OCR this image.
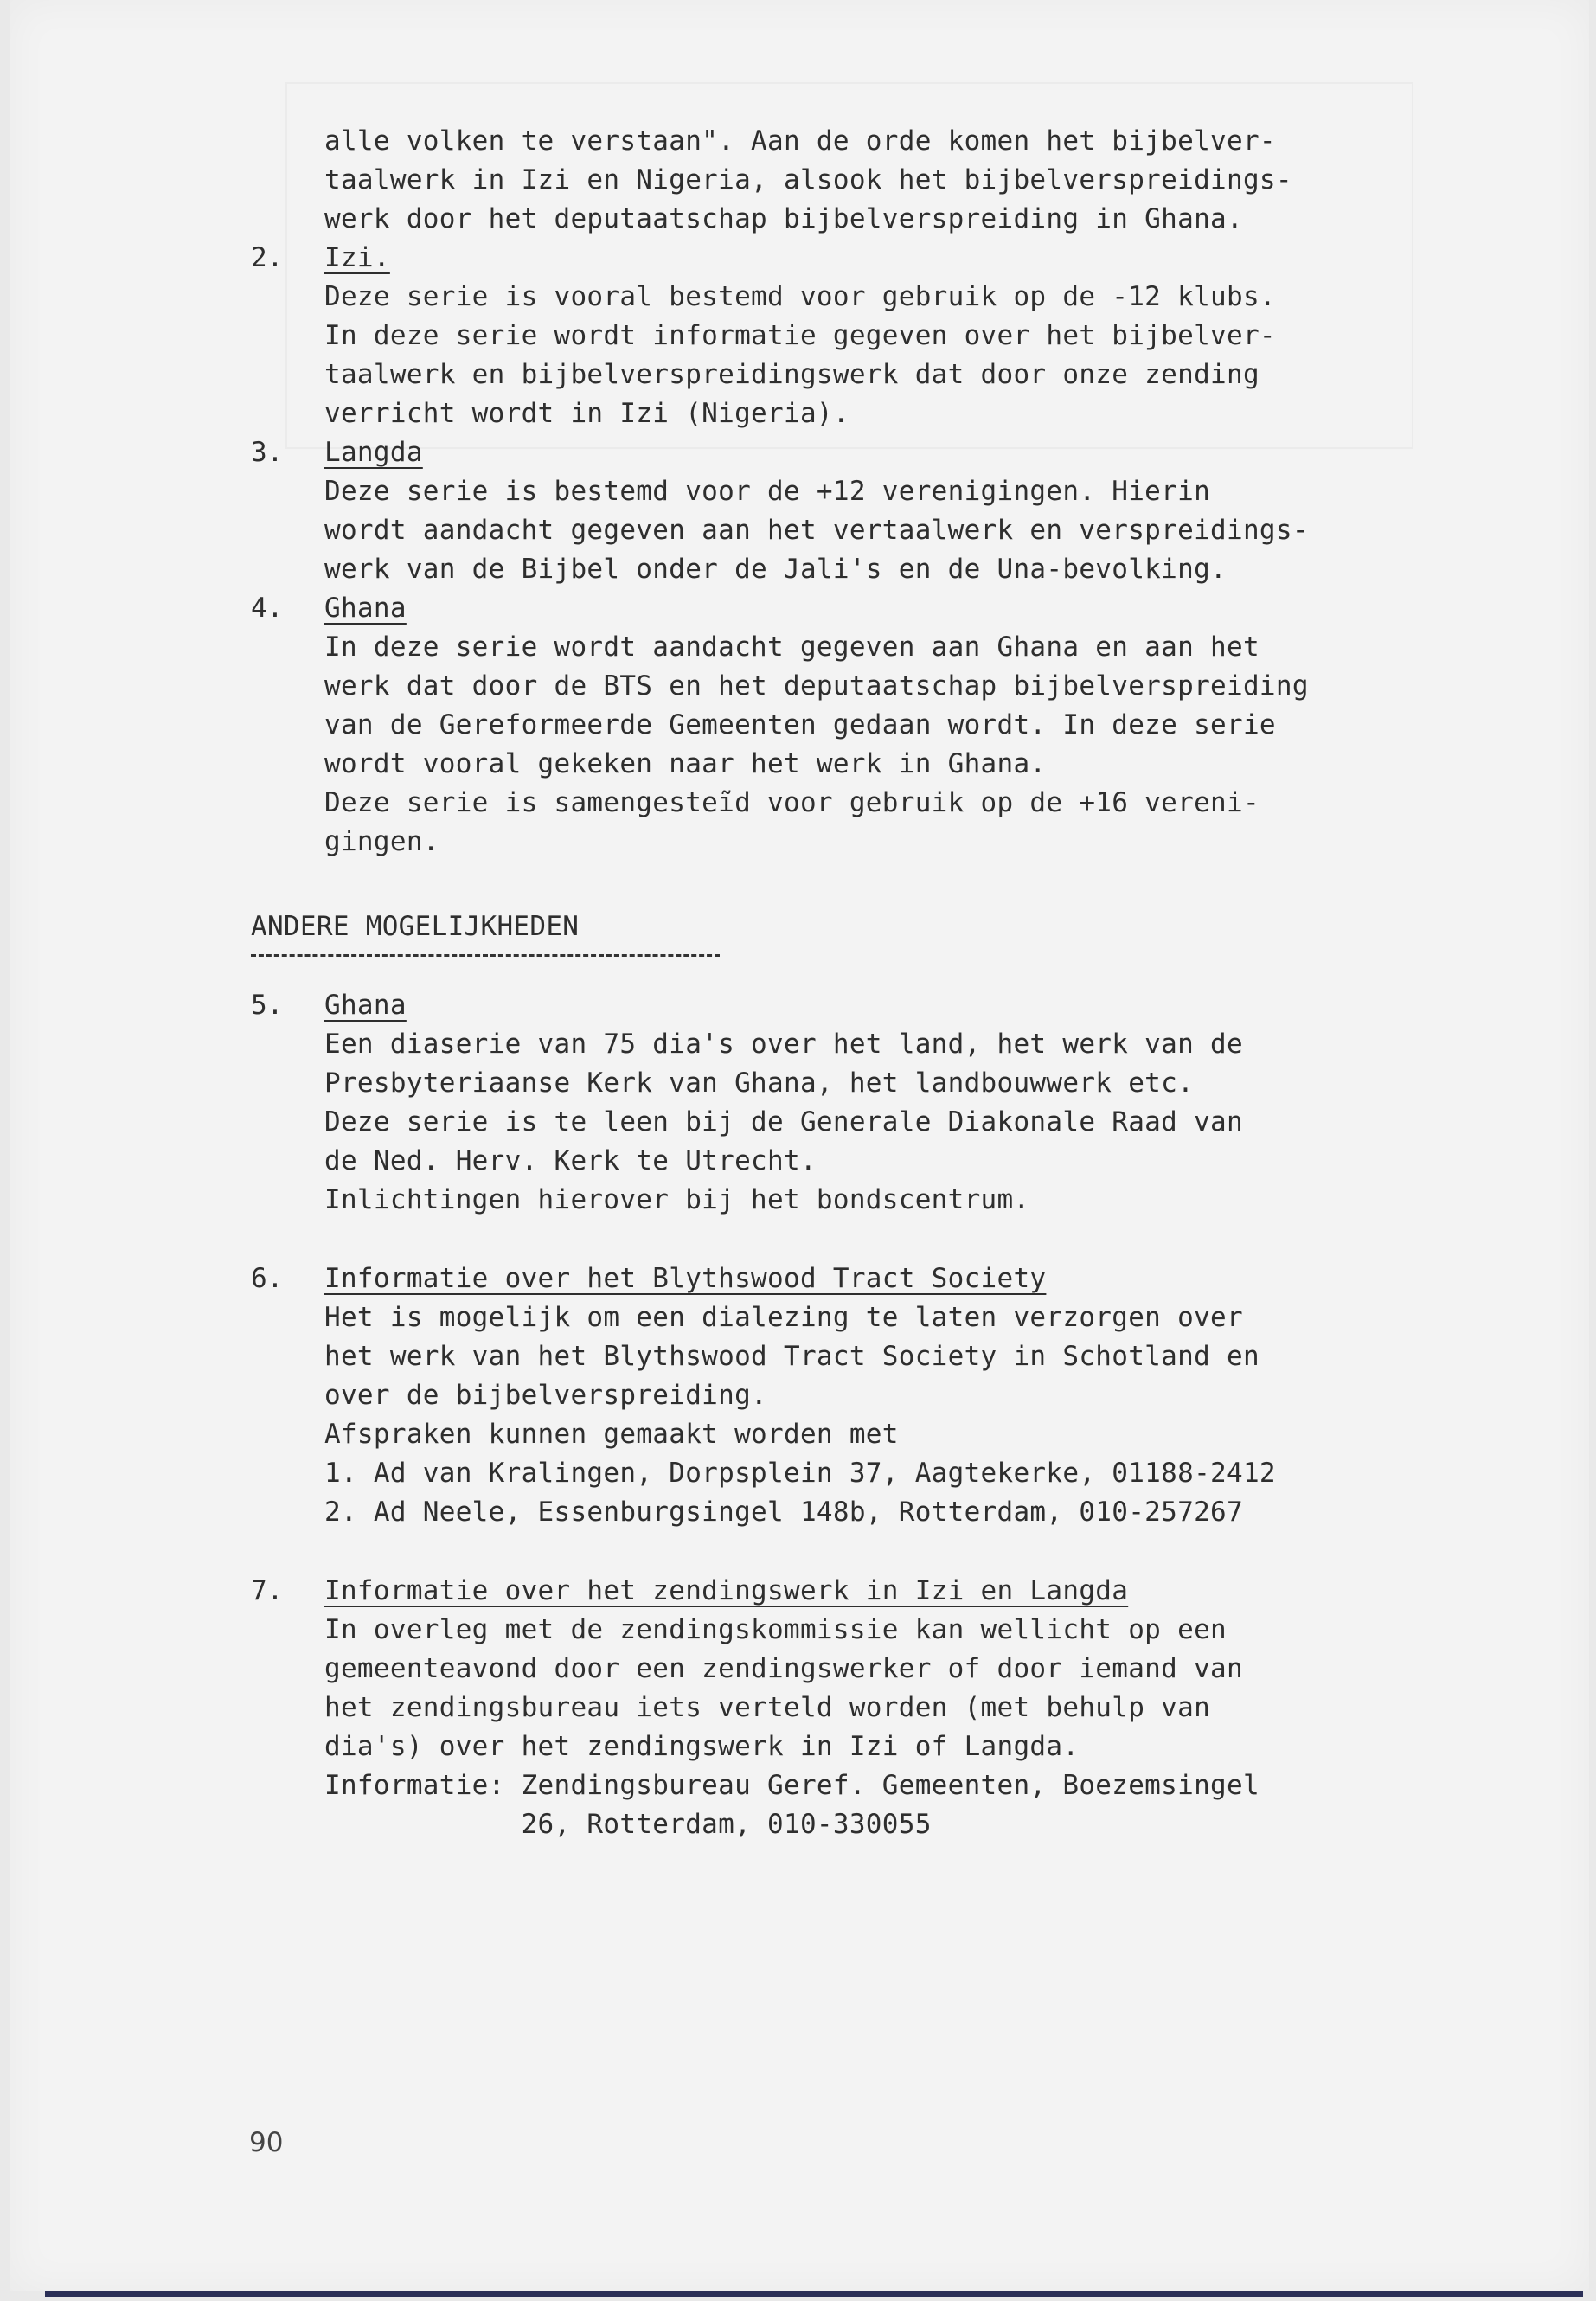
alle volken te verstaan". Aan de orde komen het bijbelver-
taalwerk in Izi en Nigeria, alsook het bijbelverspreidings-
werk door het deputaatschap bijbelverspreiding in Ghana.
2. Izi.
Deze serie is vooral bestemd voor gebruik op de -12 klubs.
In deze serie wordt informatie gegeven over het bijbelver-
taalwerk en bijbelverspreidingswerk dat door onze zending
verricht wordt in Izi (Nigeria).
3. Langda
Deze serie is bestemd voor de +12 verenigingen. Hierin
wordt aandacht gegeven aan het vertaalwerk en verspreidings-
werk van de Bijbel onder de Jali's en de Una-bevolking.
4. Ghana
In deze serie wordt aandacht gegeven aan Ghana en aan het
werk dat door de BTS en het deputaatschap bijbelverspreiding
van de Gereformeerde Gemeenten gedaan wordt. In deze serie
wordt vooral gekeken naar het werk in Ghana.
Deze serie is samengesteĩd voor gebruik op de +16 vereni-
gingen.
ANDERE MOGELIJKHEDEN
5. Ghana
Een diaserie van 75 dia's over het land, het werk van de
Presbyteriaanse Kerk van Ghana, het landbouwwerk etc.
Deze serie is te leen bij de Generale Diakonale Raad van
de Ned. Herv. Kerk te Utrecht.
Inlichtingen hierover bij het bondscentrum.
6. Informatie over het Blythswood Tract Society
Het is mogelijk om een dialezing te laten verzorgen over
het werk van het Blythswood Tract Society in Schotland en
over de bijbelverspreiding.
Afspraken kunnen gemaakt worden met
1. Ad van Kralingen, Dorpsplein 37, Aagtekerke, 01188-2412
2. Ad Neele, Essenburgsingel 148b, Rotterdam, 010-257267
7. Informatie over het zendingswerk in Izi en Langda
In overleg met de zendingskommissie kan wellicht op een
gemeenteavond door een zendingswerker of door iemand van
het zendingsbureau iets verteld worden (met behulp van
dia's) over het zendingswerk in Izi of Langda.
Informatie: Zendingsbureau Geref. Gemeenten, Boezemsingel
26, Rotterdam, 010-330055
90
